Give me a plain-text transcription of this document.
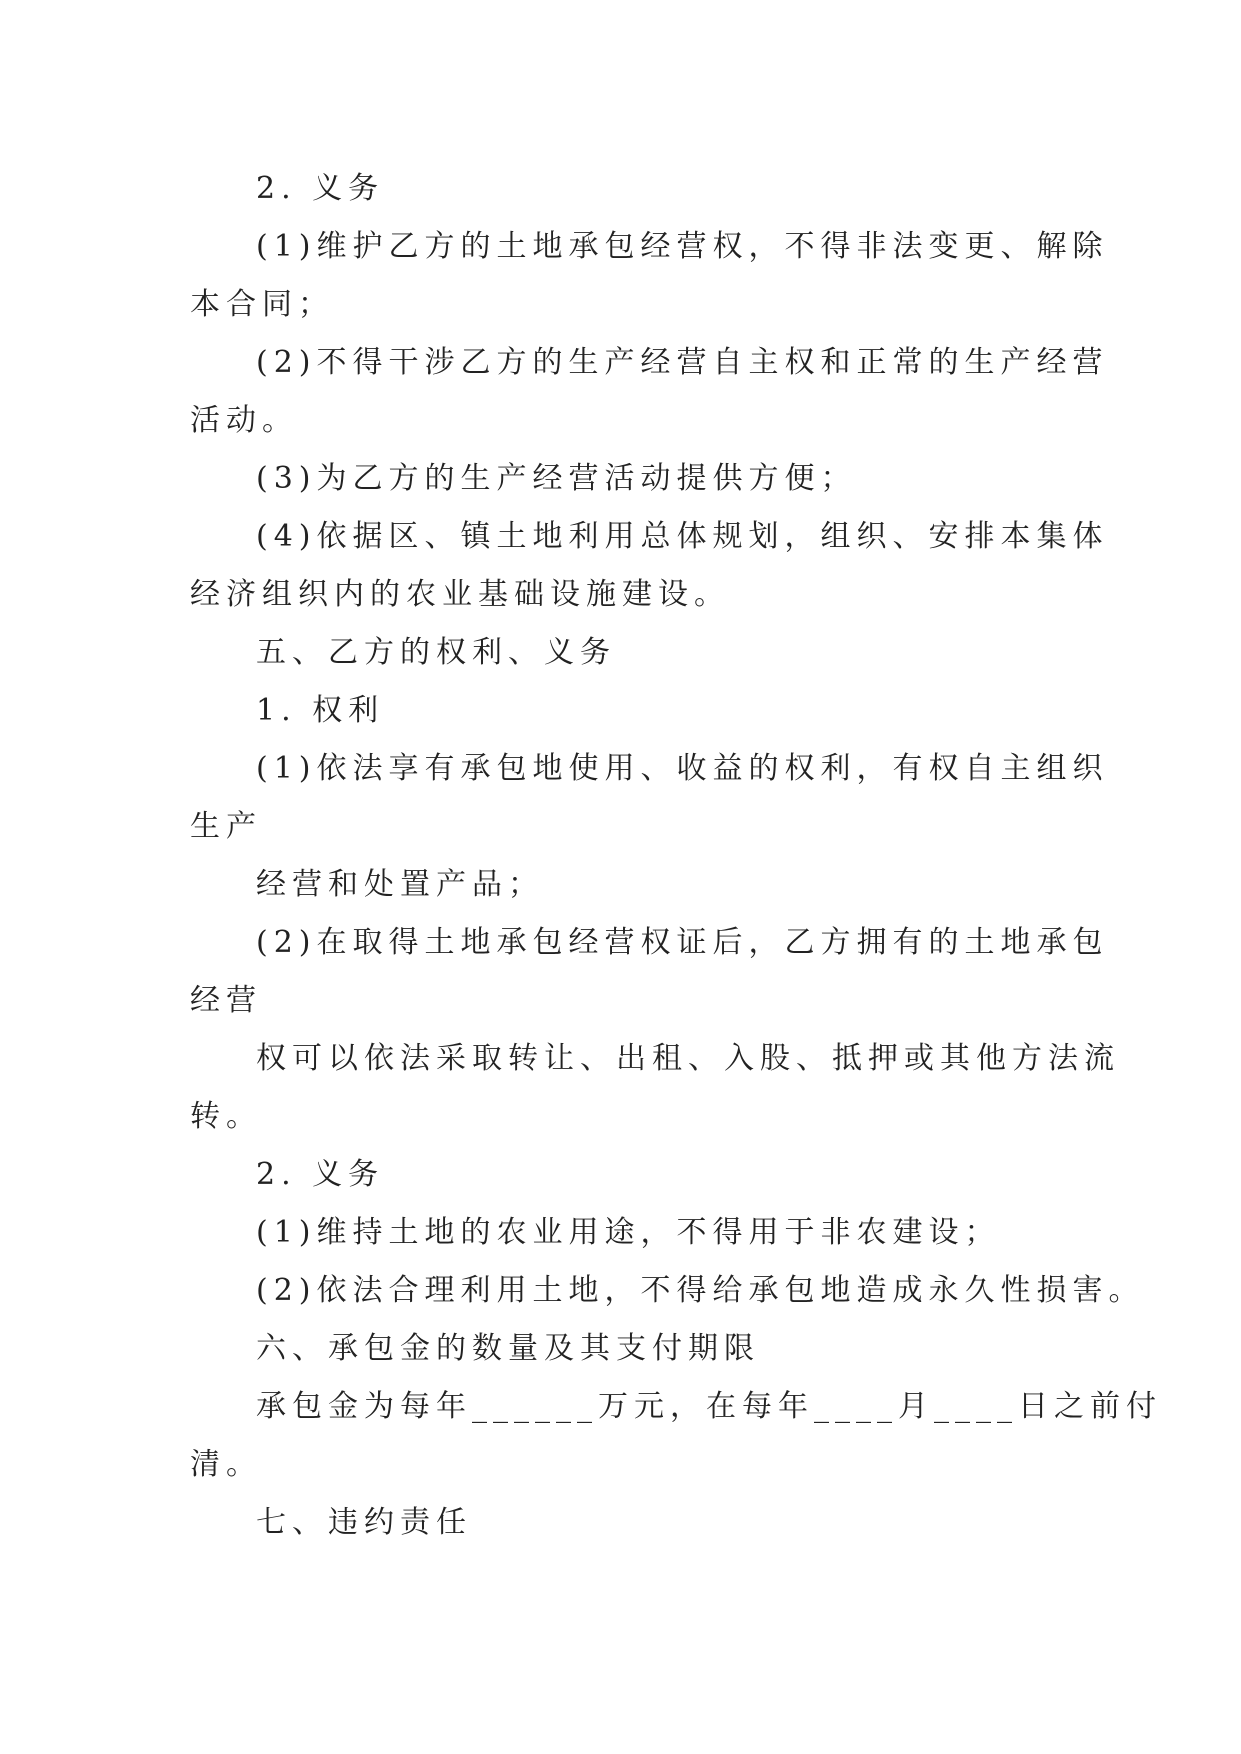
2. 义务

(1)维护乙方的土地承包经营权，不得非法变更、解除

本合同；

(2)不得干涉乙方的生产经营自主权和正常的生产经营

活动。

(3)为乙方的生产经营活动提供方便；

(4)依据区、镇土地利用总体规划，组织、安排本集体

经济组织内的农业基础设施建设。

五、乙方的权利、义务

1. 权利

(1)依法享有承包地使用、收益的权利，有权自主组织

生产

经营和处置产品；

(2)在取得土地承包经营权证后，乙方拥有的土地承包

经营

权可以依法采取转让、出租、入股、抵押或其他方法流

转。

2. 义务

(1)维持土地的农业用途，不得用于非农建设；

(2)依法合理利用土地，不得给承包地造成永久性损害。

六、承包金的数量及其支付期限

承包金为每年______万元，在每年____月____日之前付

清。

七、违约责任
